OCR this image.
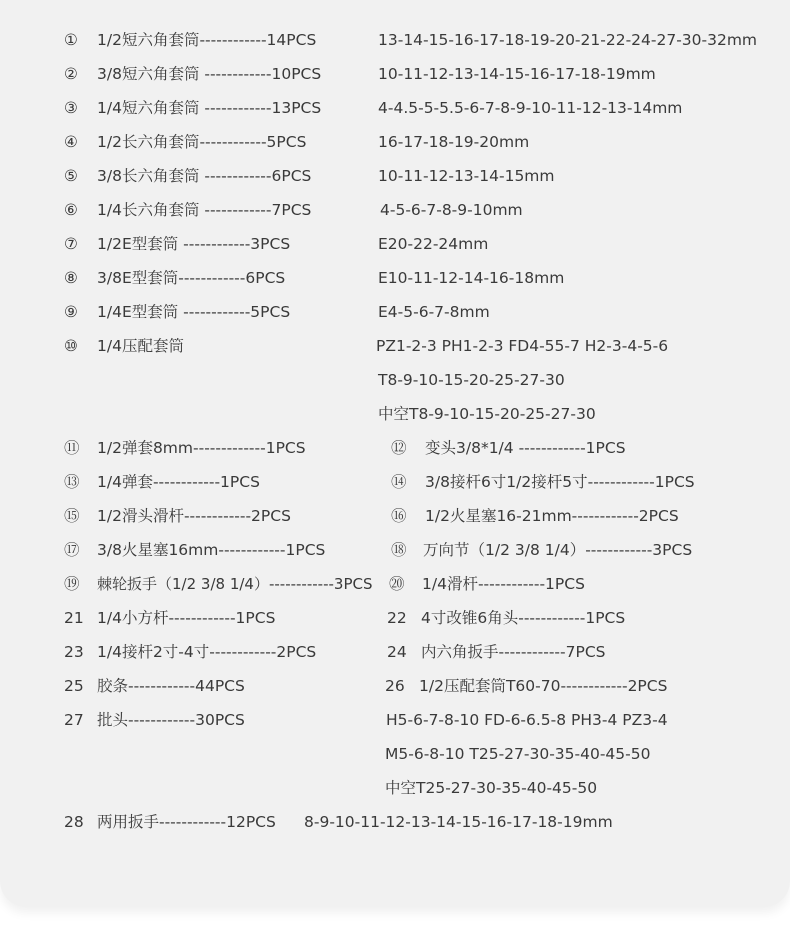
① 1/2短六角套筒------------14PCS	13-14-15-16-17-18-19-20-21-22-24-27-30-32mm
② 3/8短六角套筒 ------------10PCS	10-11-12-13-14-15-16-17-18-19mm
③ 1/4短六角套筒 ------------13PCS	4-4.5-5-5.5-6-7-8-9-10-11-12-13-14mm
④ 1/2长六角套筒------------5PCS	16-17-18-19-20mm
⑤ 3/8长六角套筒 ------------6PCS	10-11-12-13-14-15mm
⑥ 1/4长六角套筒 ------------7PCS	4-5-6-7-8-9-10mm
⑦ 1/2E型套筒 ------------3PCS	E20-22-24mm
⑧ 3/8E型套筒------------6PCS	E10-11-12-14-16-18mm
⑨ 1/4E型套筒 ------------5PCS	E4-5-6-7-8mm
⑩ 1/4压配套筒	PZ1-2-3 PH1-2-3 FD4-55-7 H2-3-4-5-6
T8-9-10-15-20-25-27-30
中空T8-9-10-15-20-25-27-30
⑪ 1/2弹套8mm-------------1PCS	⑫ 变头3/8*1/4 ------------1PCS
⑬ 1/4弹套------------1PCS	⑭ 3/8接杆6寸1/2接杆5寸------------1PCS
⑮ 1/2滑头滑杆------------2PCS	⑯ 1/2火星塞16-21mm------------2PCS
⑰ 3/8火星塞16mm------------1PCS	⑱ 万向节（1/2 3/8 1/4）------------3PCS
⑲ 棘轮扳手（1/2 3/8 1/4）------------3PCS ⑳ 1/4滑杆------------1PCS
21 1/4小方杆------------1PCS	22 4寸改锥6角头------------1PCS
23 1/4接杆2寸-4寸------------2PCS	24 内六角扳手------------7PCS
25 胶条------------44PCS	26 1/2压配套筒T60-70------------2PCS
27 批头------------30PCS	H5-6-7-8-10 FD-6-6.5-8 PH3-4 PZ3-4
M5-6-8-10 T25-27-30-35-40-45-50
中空T25-27-30-35-40-45-50
28 两用扳手------------12PCS 8-9-10-11-12-13-14-15-16-17-18-19mm
